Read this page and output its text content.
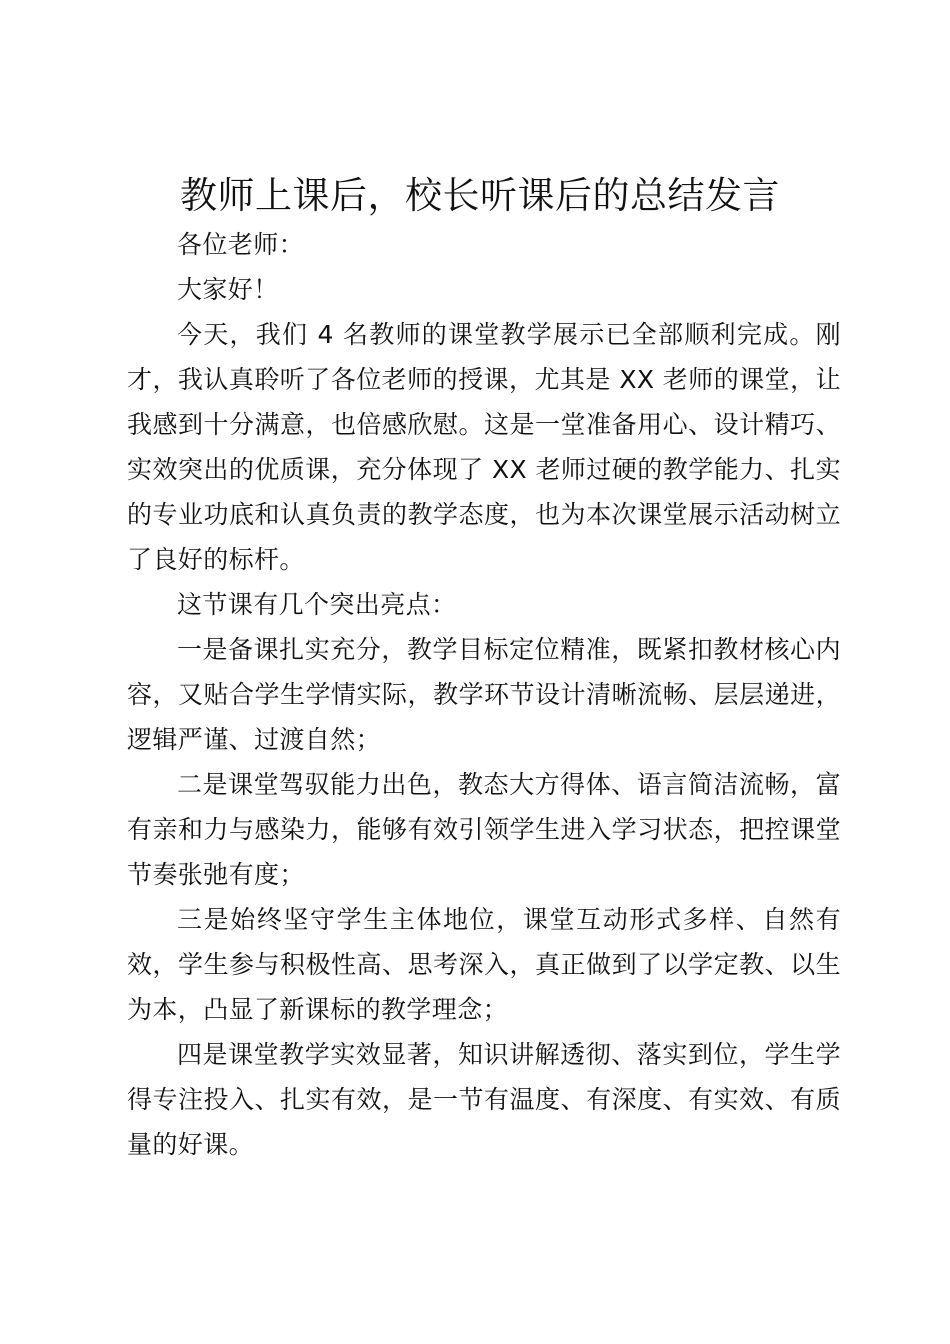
教师上课后，校长听课后的总结发言

各位老师：

大家好！

今天，我们 4 名教师的课堂教学展示已全部顺利完成。刚才，我认真聆听了各位老师的授课，尤其是 XX 老师的课堂，让我感到十分满意，也倍感欣慰。这是一堂准备用心、设计精巧、实效突出的优质课，充分体现了 XX 老师过硬的教学能力、扎实的专业功底和认真负责的教学态度，也为本次课堂展示活动树立了良好的标杆。

这节课有几个突出亮点：

一是备课扎实充分，教学目标定位精准，既紧扣教材核心内容，又贴合学生学情实际，教学环节设计清晰流畅、层层递进，逻辑严谨、过渡自然；

二是课堂驾驭能力出色，教态大方得体、语言简洁流畅，富有亲和力与感染力，能够有效引领学生进入学习状态，把控课堂节奏张弛有度；

三是始终坚守学生主体地位，课堂互动形式多样、自然有效，学生参与积极性高、思考深入，真正做到了以学定教、以生为本，凸显了新课标的教学理念；

四是课堂教学实效显著，知识讲解透彻、落实到位，学生学得专注投入、扎实有效，是一节有温度、有深度、有实效、有质量的好课。
